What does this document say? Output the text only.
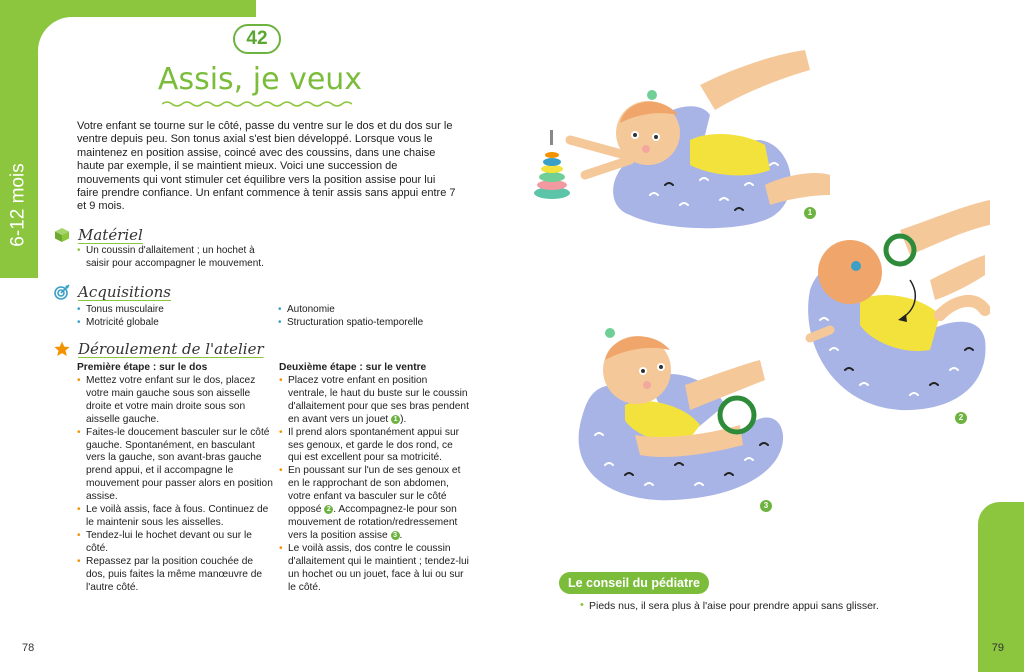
6-12 mois
42
Assis, je veux

Votre enfant se tourne sur le côté, passe du ventre sur le dos et du dos sur le ventre depuis peu. Son tonus axial s'est bien développé. Lorsque vous le maintenez en position assise, coincé avec des coussins, dans une chaise haute par exemple, il se maintient mieux. Voici une succession de mouvements qui vont stimuler cet équilibre vers la position assise pour lui faire prendre confiance. Un enfant commence à tenir assis sans appui entre 7 et 9 mois.

Matériel
• Un coussin d'allaitement ; un hochet à saisir pour accompagner le mouvement.
Acquisitions
• Tonus musculaire
• Motricité globale
• Autonomie
• Structuration spatio-temporelle
Déroulement de l'atelier
Première étape : sur le dos
• Mettez votre enfant sur le dos, placez votre main gauche sous son aisselle droite et votre main droite sous son aisselle gauche.
• Faites-le doucement basculer sur le côté gauche. Spontanément, en basculant vers la gauche, son avant-bras gauche prend appui, et il accompagne le mouvement pour passer alors en position assise.
• Le voilà assis, face à fous. Continuez de le maintenir sous les aisselles.
• Tendez-lui le hochet devant ou sur le côté.
• Repassez par la position couchée de dos, puis faites la même manœuvre de l'autre côté.
Deuxième étape : sur le ventre
• Placez votre enfant en position ventrale, le haut du buste sur le coussin d'allaitement pour que ses bras pendent en avant vers un jouet 1 ).
• Il prend alors spontanément appui sur ses genoux, et garde le dos rond, ce qui est excellent pour sa motricité.
• En poussant sur l'un de ses genoux et en le rapprochant de son abdomen, votre enfant va basculer sur le côté opposé 2 . Accompagnez-le pour son mouvement de rotation/redressement vers la position assise 3 .
• Le voilà assis, dos contre le coussin d'allaitement qui le maintient ; tendez-lui un hochet ou un jouet, face à lui ou sur le côté.
1
2
3
Le conseil du pédiatre
• Pieds nus, il sera plus à l'aise pour prendre appui sans glisser.
78	79
